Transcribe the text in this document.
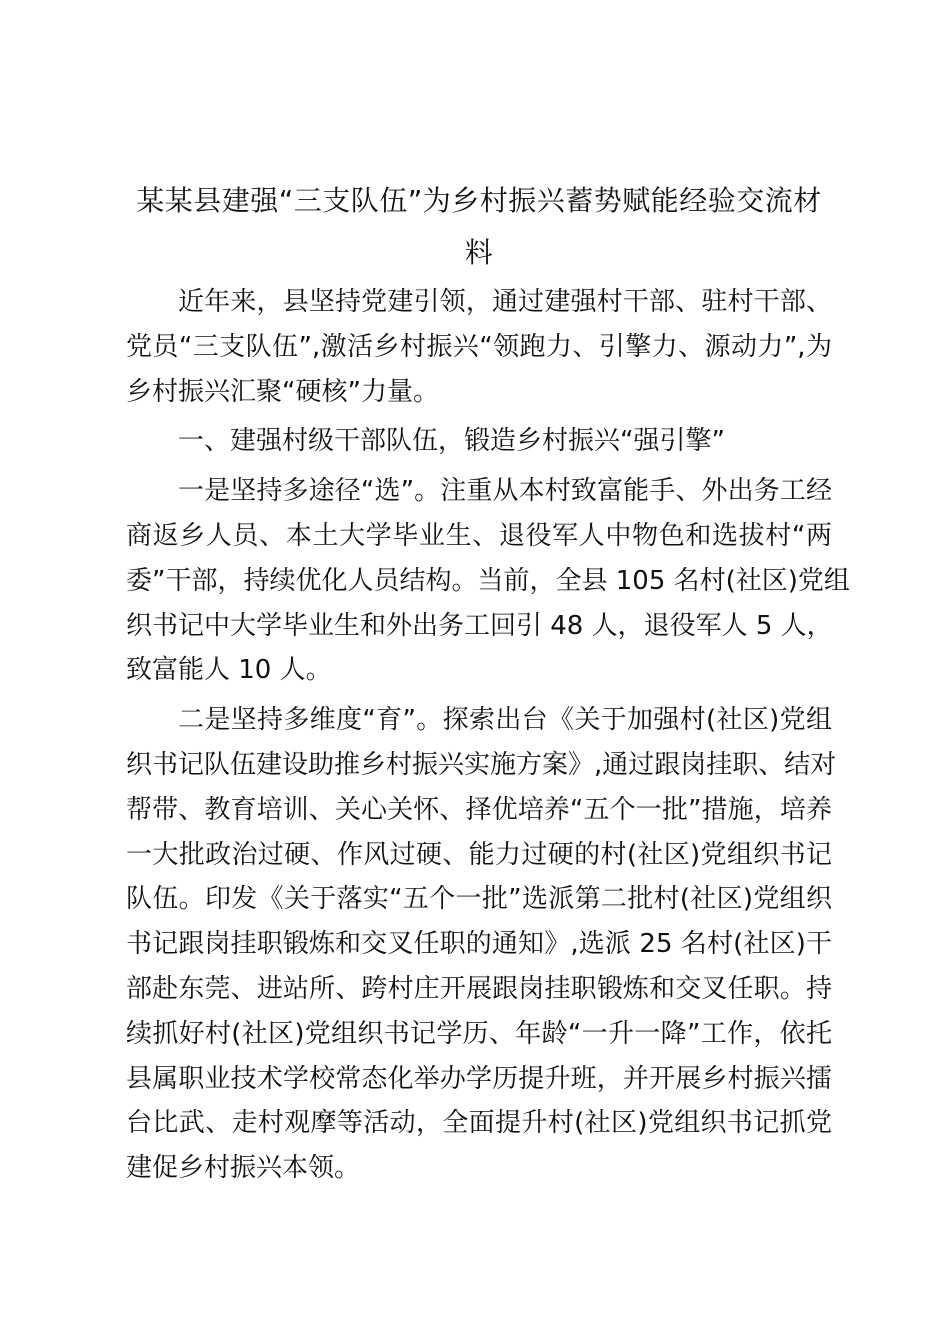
某某县建强“三支队伍”为乡村振兴蓄势赋能经验交流材料

近年来，县坚持党建引领，通过建强村干部、驻村干部、
党员“三支队伍”,激活乡村振兴“领跑力、引擎力、源动力”,为
乡村振兴汇聚“硬核”力量。

一、建强村级干部队伍，锻造乡村振兴“强引擎”

一是坚持多途径“选”。注重从本村致富能手、外出务工经
商返乡人员、本土大学毕业生、退役军人中物色和选拔村“两
委”干部，持续优化人员结构。当前，全县 105 名村(社区)党组
织书记中大学毕业生和外出务工回引 48 人，退役军人 5 人，
致富能人 10 人。

二是坚持多维度“育”。探索出台《关于加强村(社区)党组
织书记队伍建设助推乡村振兴实施方案》,通过跟岗挂职、结对
帮带、教育培训、关心关怀、择优培养“五个一批”措施，培养
一大批政治过硬、作风过硬、能力过硬的村(社区)党组织书记
队伍。印发《关于落实“五个一批”选派第二批村(社区)党组织
书记跟岗挂职锻炼和交叉任职的通知》,选派 25 名村(社区)干
部赴东莞、进站所、跨村庄开展跟岗挂职锻炼和交叉任职。持
续抓好村(社区)党组织书记学历、年龄“一升一降”工作，依托
县属职业技术学校常态化举办学历提升班，并开展乡村振兴擂
台比武、走村观摩等活动，全面提升村(社区)党组织书记抓党
建促乡村振兴本领。
